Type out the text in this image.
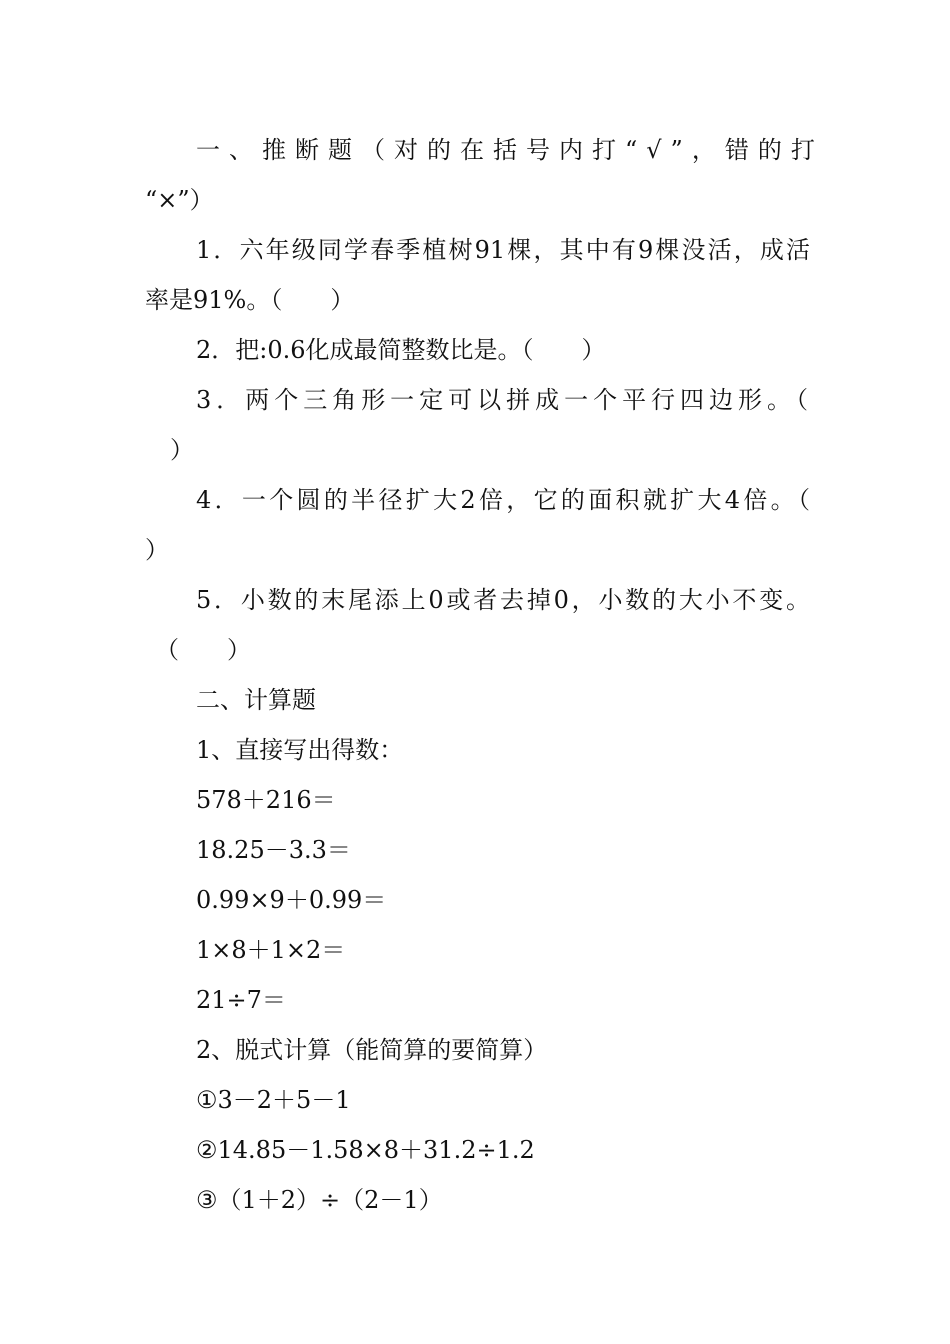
一、推断题（对的在括号内打“√”，错的打
“×”）
1．六年级同学春季植树91棵，其中有9棵没活，成活
率是91%。（　　）
2．把:0.6化成最简整数比是。（　　）
3．两个三角形一定可以拼成一个平行四边形。（
）
4．一个圆的半径扩大2倍，它的面积就扩大4倍。（
）
5．小数的末尾添上0或者去掉0，小数的大小不变。
（　　）
二、计算题
1、直接写出得数：
578＋216＝
18.25－3.3＝
0.99×9＋0.99＝
1×8＋1×2＝
21÷7＝
2、脱式计算（能简算的要简算）
①3－2＋5－1
②14.85－1.58×8＋31.2÷1.2
③（1＋2）÷（2－1）
